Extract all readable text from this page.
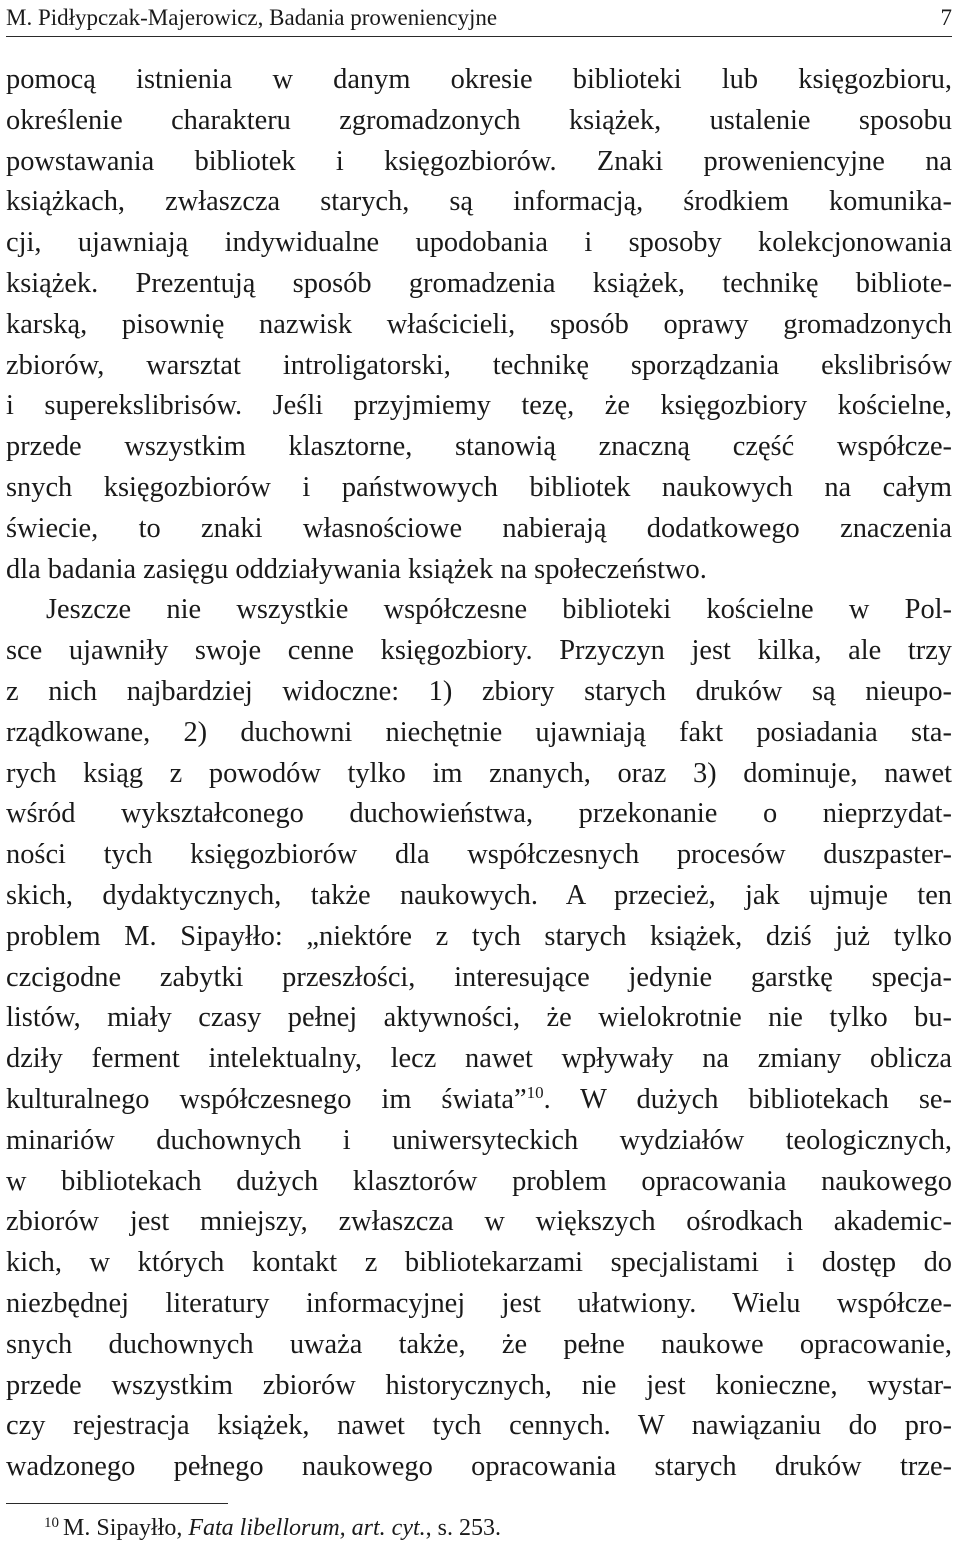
M. Pidłypczak-Majerowicz, Badania proweniencyjne	7
pomocą istnienia w danym okresie biblioteki lub księgozbioru,
określenie charakteru zgromadzonych książek, ustalenie sposobu
powstawania bibliotek i księgozbiorów. Znaki proweniencyjne na
książkach, zwłaszcza starych, są informacją, środkiem komunika-
cji, ujawniają indywidualne upodobania i sposoby kolekcjonowania
książek. Prezentują sposób gromadzenia książek, technikę bibliote-
karską, pisownię nazwisk właścicieli, sposób oprawy gromadzonych
zbiorów, warsztat introligatorski, technikę sporządzania ekslibrisów
i superekslibrisów. Jeśli przyjmiemy tezę, że księgozbiory kościelne,
przede wszystkim klasztorne, stanowią znaczną część współcze-
snych księgozbiorów i państwowych bibliotek naukowych na całym
świecie, to znaki własnościowe nabierają dodatkowego znaczenia
dla badania zasięgu oddziaływania książek na społeczeństwo.
Jeszcze nie wszystkie współczesne biblioteki kościelne w Pol-
sce ujawniły swoje cenne księgozbiory. Przyczyn jest kilka, ale trzy
z nich najbardziej widoczne: 1) zbiory starych druków są nieupo-
rządkowane, 2) duchowni niechętnie ujawniają fakt posiadania sta-
rych ksiąg z powodów tylko im znanych, oraz 3) dominuje, nawet
wśród wykształconego duchowieństwa, przekonanie o nieprzydat-
ności tych księgozbiorów dla współczesnych procesów duszpaster-
skich, dydaktycznych, także naukowych. A przecież, jak ujmuje ten
problem M. Sipayłło: „niektóre z tych starych książek, dziś już tylko
czcigodne zabytki przeszłości, interesujące jedynie garstkę specja-
listów, miały czasy pełnej aktywności, że wielokrotnie nie tylko bu-
dziły ferment intelektualny, lecz nawet wpływały na zmiany oblicza
kulturalnego współczesnego im świata”$^{10}$. W dużych bibliotekach se-
minariów duchownych i uniwersyteckich wydziałów teologicznych,
w bibliotekach dużych klasztorów problem opracowania naukowego
zbiorów jest mniejszy, zwłaszcza w większych ośrodkach akademic-
kich, w których kontakt z bibliotekarzami specjalistami i dostęp do
niezbędnej literatury informacyjnej jest ułatwiony. Wielu współcze-
snych duchownych uważa także, że pełne naukowe opracowanie,
przede wszystkim zbiorów historycznych, nie jest konieczne, wystar-
czy rejestracja książek, nawet tych cennych. W nawiązaniu do pro-
wadzonego pełnego naukowego opracowania starych druków trze-
$^{10}$ M. Sipayłło, Fata libellorum, art. cyt., s. 253.
